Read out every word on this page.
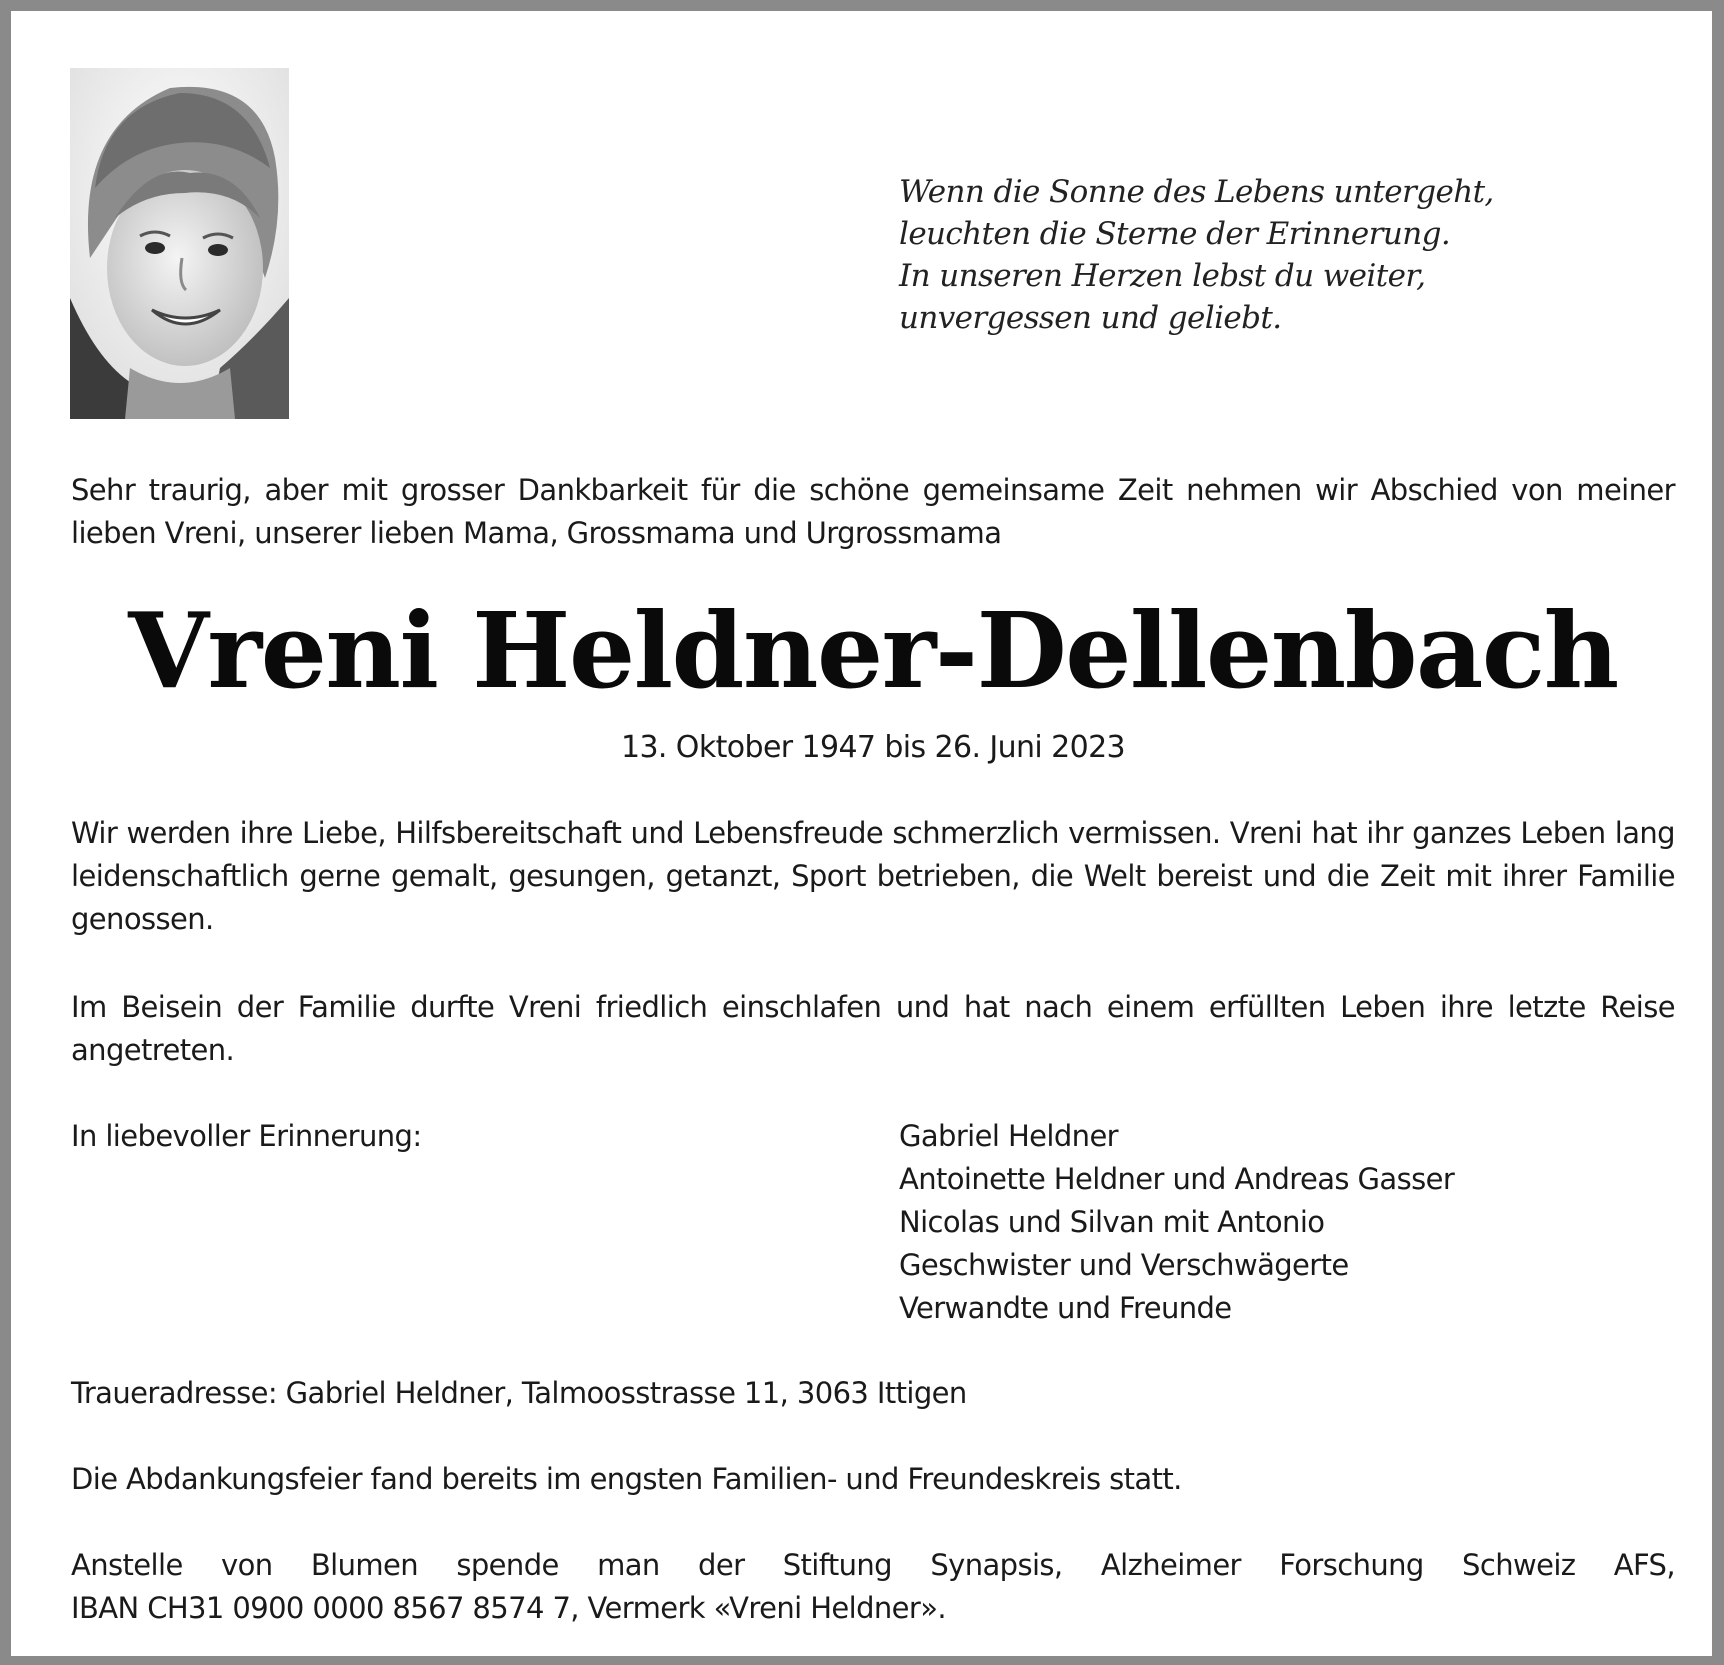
Wenn die Sonne des Lebens untergeht,
leuchten die Sterne der Erinnerung.
In unseren Herzen lebst du weiter,
unvergessen und geliebt.

Sehr traurig, aber mit grosser Dankbarkeit für die schöne gemeinsame Zeit nehmen wir Abschied von meiner lieben Vreni, unserer lieben Mama, Grossmama und Urgrossmama

Vreni Heldner-Dellenbach

13. Oktober 1947 bis 26. Juni 2023

Wir werden ihre Liebe, Hilfsbereitschaft und Lebensfreude schmerzlich vermissen. Vreni hat ihr ganzes Leben lang leidenschaftlich gerne gemalt, gesungen, getanzt, Sport betrieben, die Welt bereist und die Zeit mit ihrer Familie genossen.

Im Beisein der Familie durfte Vreni friedlich einschlafen und hat nach einem erfüllten Leben ihre letzte Reise angetreten.

In liebevoller Erinnerung:	Gabriel Heldner
Antoinette Heldner und Andreas Gasser
Nicolas und Silvan mit Antonio
Geschwister und Verschwägerte
Verwandte und Freunde

Traueradresse: Gabriel Heldner, Talmoosstrasse 11, 3063 Ittigen

Die Abdankungsfeier fand bereits im engsten Familien- und Freundeskreis statt.

Anstelle von Blumen spende man der Stiftung Synapsis, Alzheimer Forschung Schweiz AFS,
IBAN CH31 0900 0000 8567 8574 7, Vermerk «Vreni Heldner».
